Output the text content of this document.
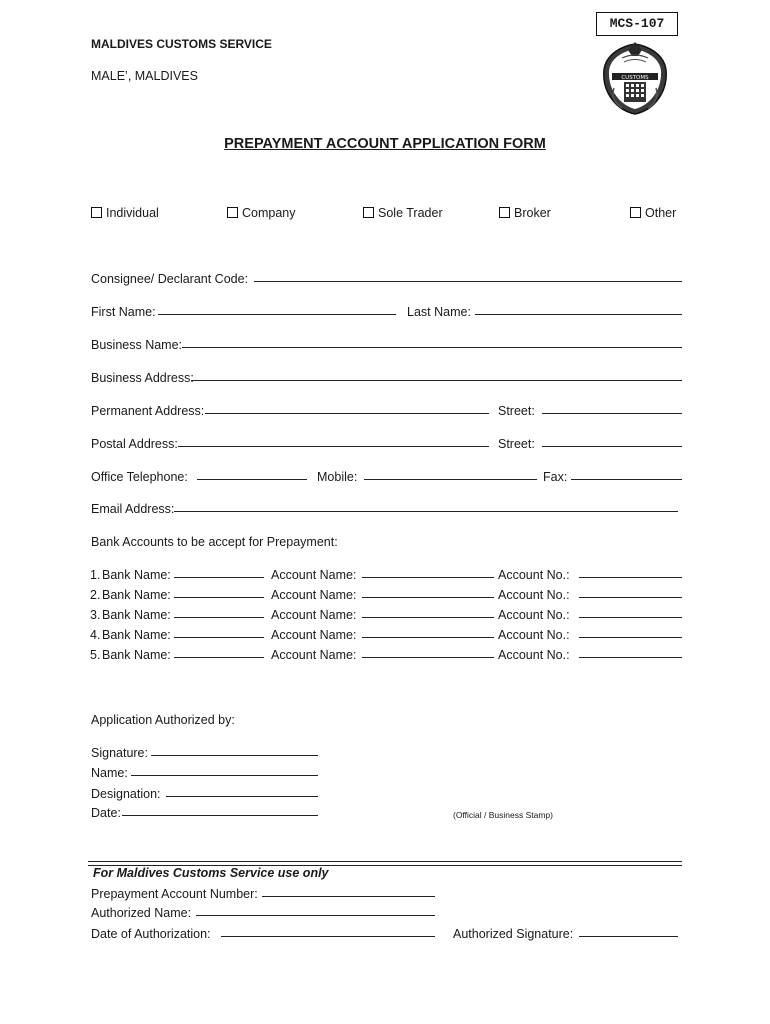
MCS-107
MALDIVES CUSTOMS SERVICE
MALE’, MALDIVES	CUSTOMS
PREPAYMENT ACCOUNT APPLICATION FORM
Individual	Company	Sole Trader	Broker	Other
Consignee/ Declarant Code:
First Name:	Last Name:
Business Name:
Business Address:
Permanent Address:	Street:
Postal Address:	Street:
Office Telephone:	Mobile:	Fax:
Email Address:
Bank Accounts to be accept for Prepayment:
1. Bank Name:	Account Name:	Account No.:
2. Bank Name:	Account Name:	Account No.:
3. Bank Name:	Account Name:	Account No.:
4. Bank Name:	Account Name:	Account No.:
5. Bank Name:	Account Name:	Account No.:
Application Authorized by:
Signature:
Name:
Designation:
Date:	(Official / Business Stamp)
For Maldives Customs Service use only
Prepayment Account Number:
Authorized Name:
Date of Authorization:	Authorized Signature:
